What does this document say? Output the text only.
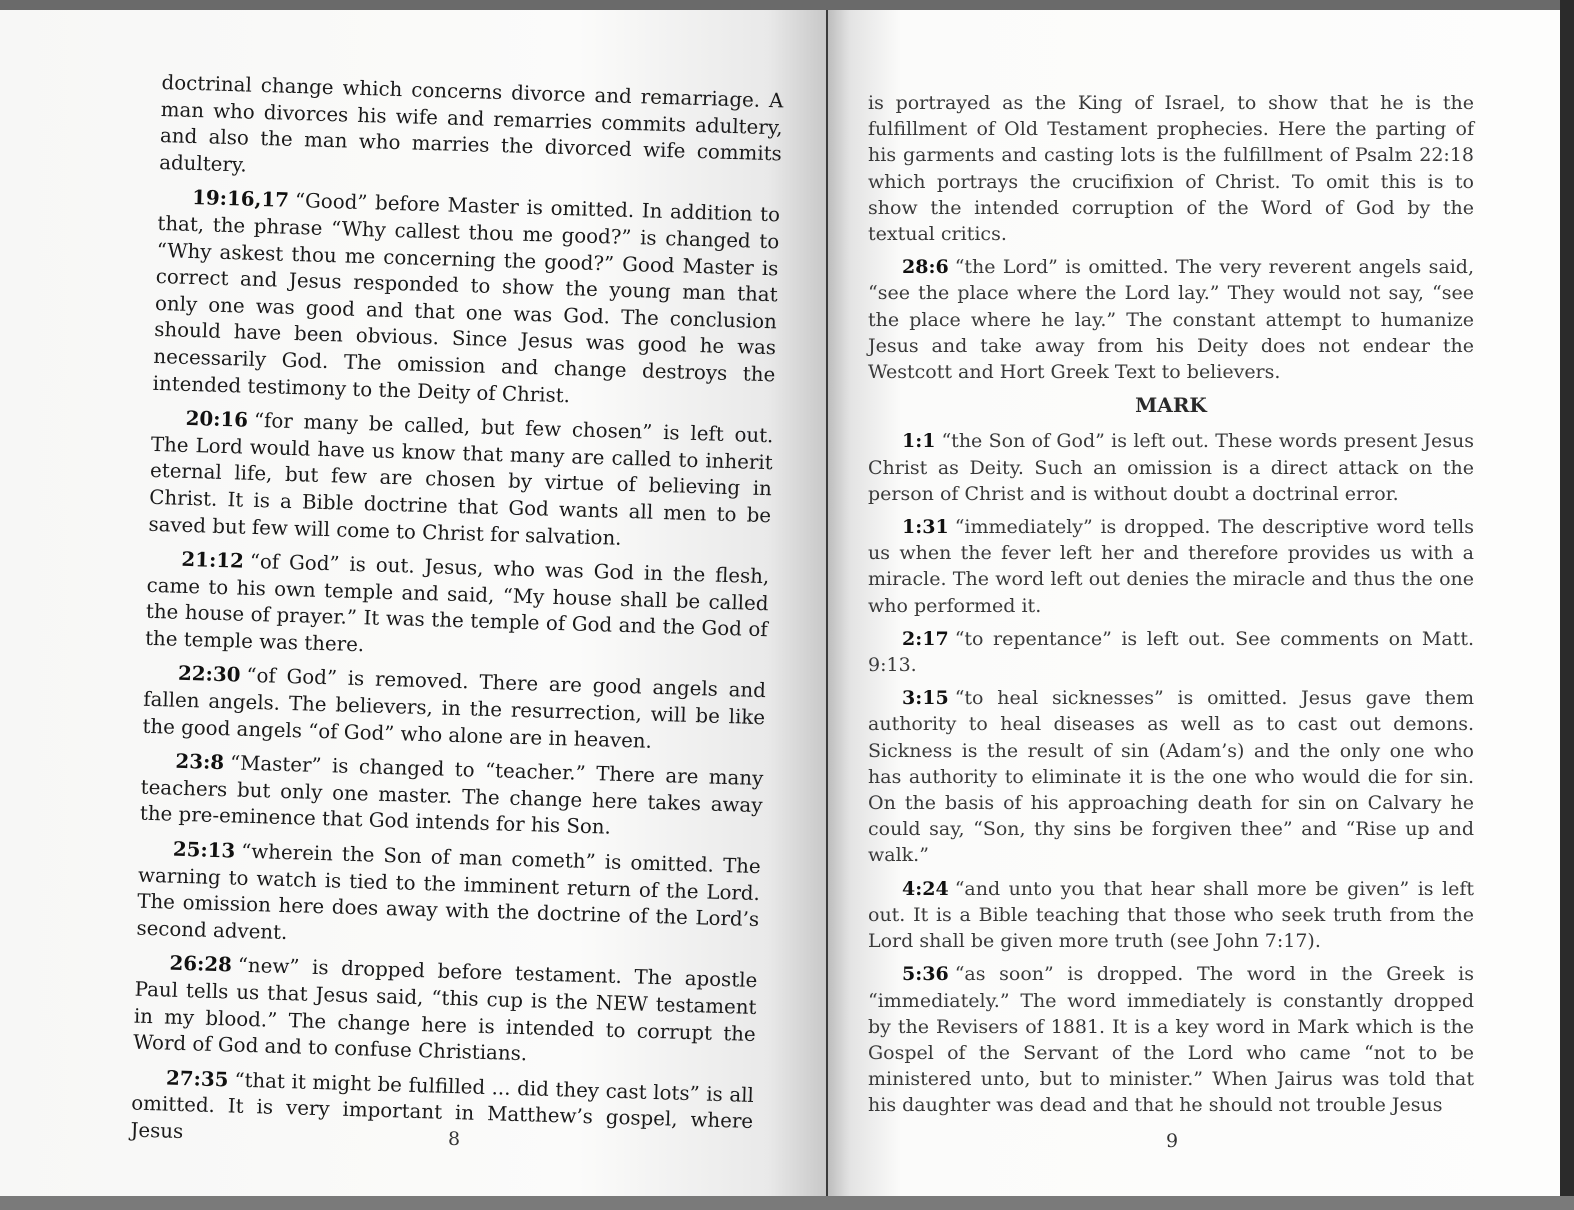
doctrinal change which concerns divorce and remarriage. A man who divorces his wife and remarries commits adultery, and also the man who marries the divorced wife commits adultery.

19:16,17 “Good” before Master is omitted. In addition to that, the phrase “Why callest thou me good?” is changed to “Why askest thou me concerning the good?” Good Master is correct and Jesus responded to show the young man that only one was good and that one was God. The conclusion should have been obvious. Since Jesus was good he was necessarily God. The omission and change destroys the intended testimony to the Deity of Christ.

20:16 “for many be called, but few chosen” is left out. The Lord would have us know that many are called to inherit eternal life, but few are chosen by virtue of believing in Christ. It is a Bible doctrine that God wants all men to be saved but few will come to Christ for salvation.

21:12 “of God” is out. Jesus, who was God in the flesh, came to his own temple and said, “My house shall be called the house of prayer.” It was the temple of God and the God of the temple was there.

22:30 “of God” is removed. There are good angels and fallen angels. The believers, in the resurrection, will be like the good angels “of God” who alone are in heaven.

23:8 “Master” is changed to “teacher.” There are many teachers but only one master. The change here takes away the pre-eminence that God intends for his Son.

25:13 “wherein the Son of man cometh” is omitted. The warning to watch is tied to the imminent return of the Lord. The omission here does away with the doctrine of the Lord’s second advent.

26:28 “new” is dropped before testament. The apostle Paul tells us that Jesus said, “this cup is the NEW testament in my blood.” The change here is intended to corrupt the Word of God and to confuse Christians.

27:35 “that it might be fulfilled ... did they cast lots” is all omitted. It is very important in Matthew’s gospel, where Jesus	8

is portrayed as the King of Israel, to show that he is the fulfillment of Old Testament prophecies. Here the parting of his garments and casting lots is the fulfillment of Psalm 22:18 which portrays the crucifixion of Christ. To omit this is to show the intended corruption of the Word of God by the textual critics.

28:6 “the Lord” is omitted. The very reverent angels said, “see the place where the Lord lay.” They would not say, “see the place where he lay.” The constant attempt to humanize Jesus and take away from his Deity does not endear the Westcott and Hort Greek Text to believers.

MARK

1:1 “the Son of God” is left out. These words present Jesus Christ as Deity. Such an omission is a direct attack on the person of Christ and is without doubt a doctrinal error.

1:31 “immediately” is dropped. The descriptive word tells us when the fever left her and therefore provides us with a miracle. The word left out denies the miracle and thus the one who performed it.

2:17 “to repentance” is left out. See comments on Matt. 9:13.

3:15 “to heal sicknesses” is omitted. Jesus gave them authority to heal diseases as well as to cast out demons. Sickness is the result of sin (Adam’s) and the only one who has authority to eliminate it is the one who would die for sin. On the basis of his approaching death for sin on Calvary he could say, “Son, thy sins be forgiven thee” and “Rise up and walk.”

4:24 “and unto you that hear shall more be given” is left out. It is a Bible teaching that those who seek truth from the Lord shall be given more truth (see John 7:17).

5:36 “as soon” is dropped. The word in the Greek is “immediately.” The word immediately is constantly dropped by the Revisers of 1881. It is a key word in Mark which is the Gospel of the Servant of the Lord who came “not to be ministered unto, but to minister.” When Jairus was told that his daughter was dead and that he should not trouble Jesus

9
